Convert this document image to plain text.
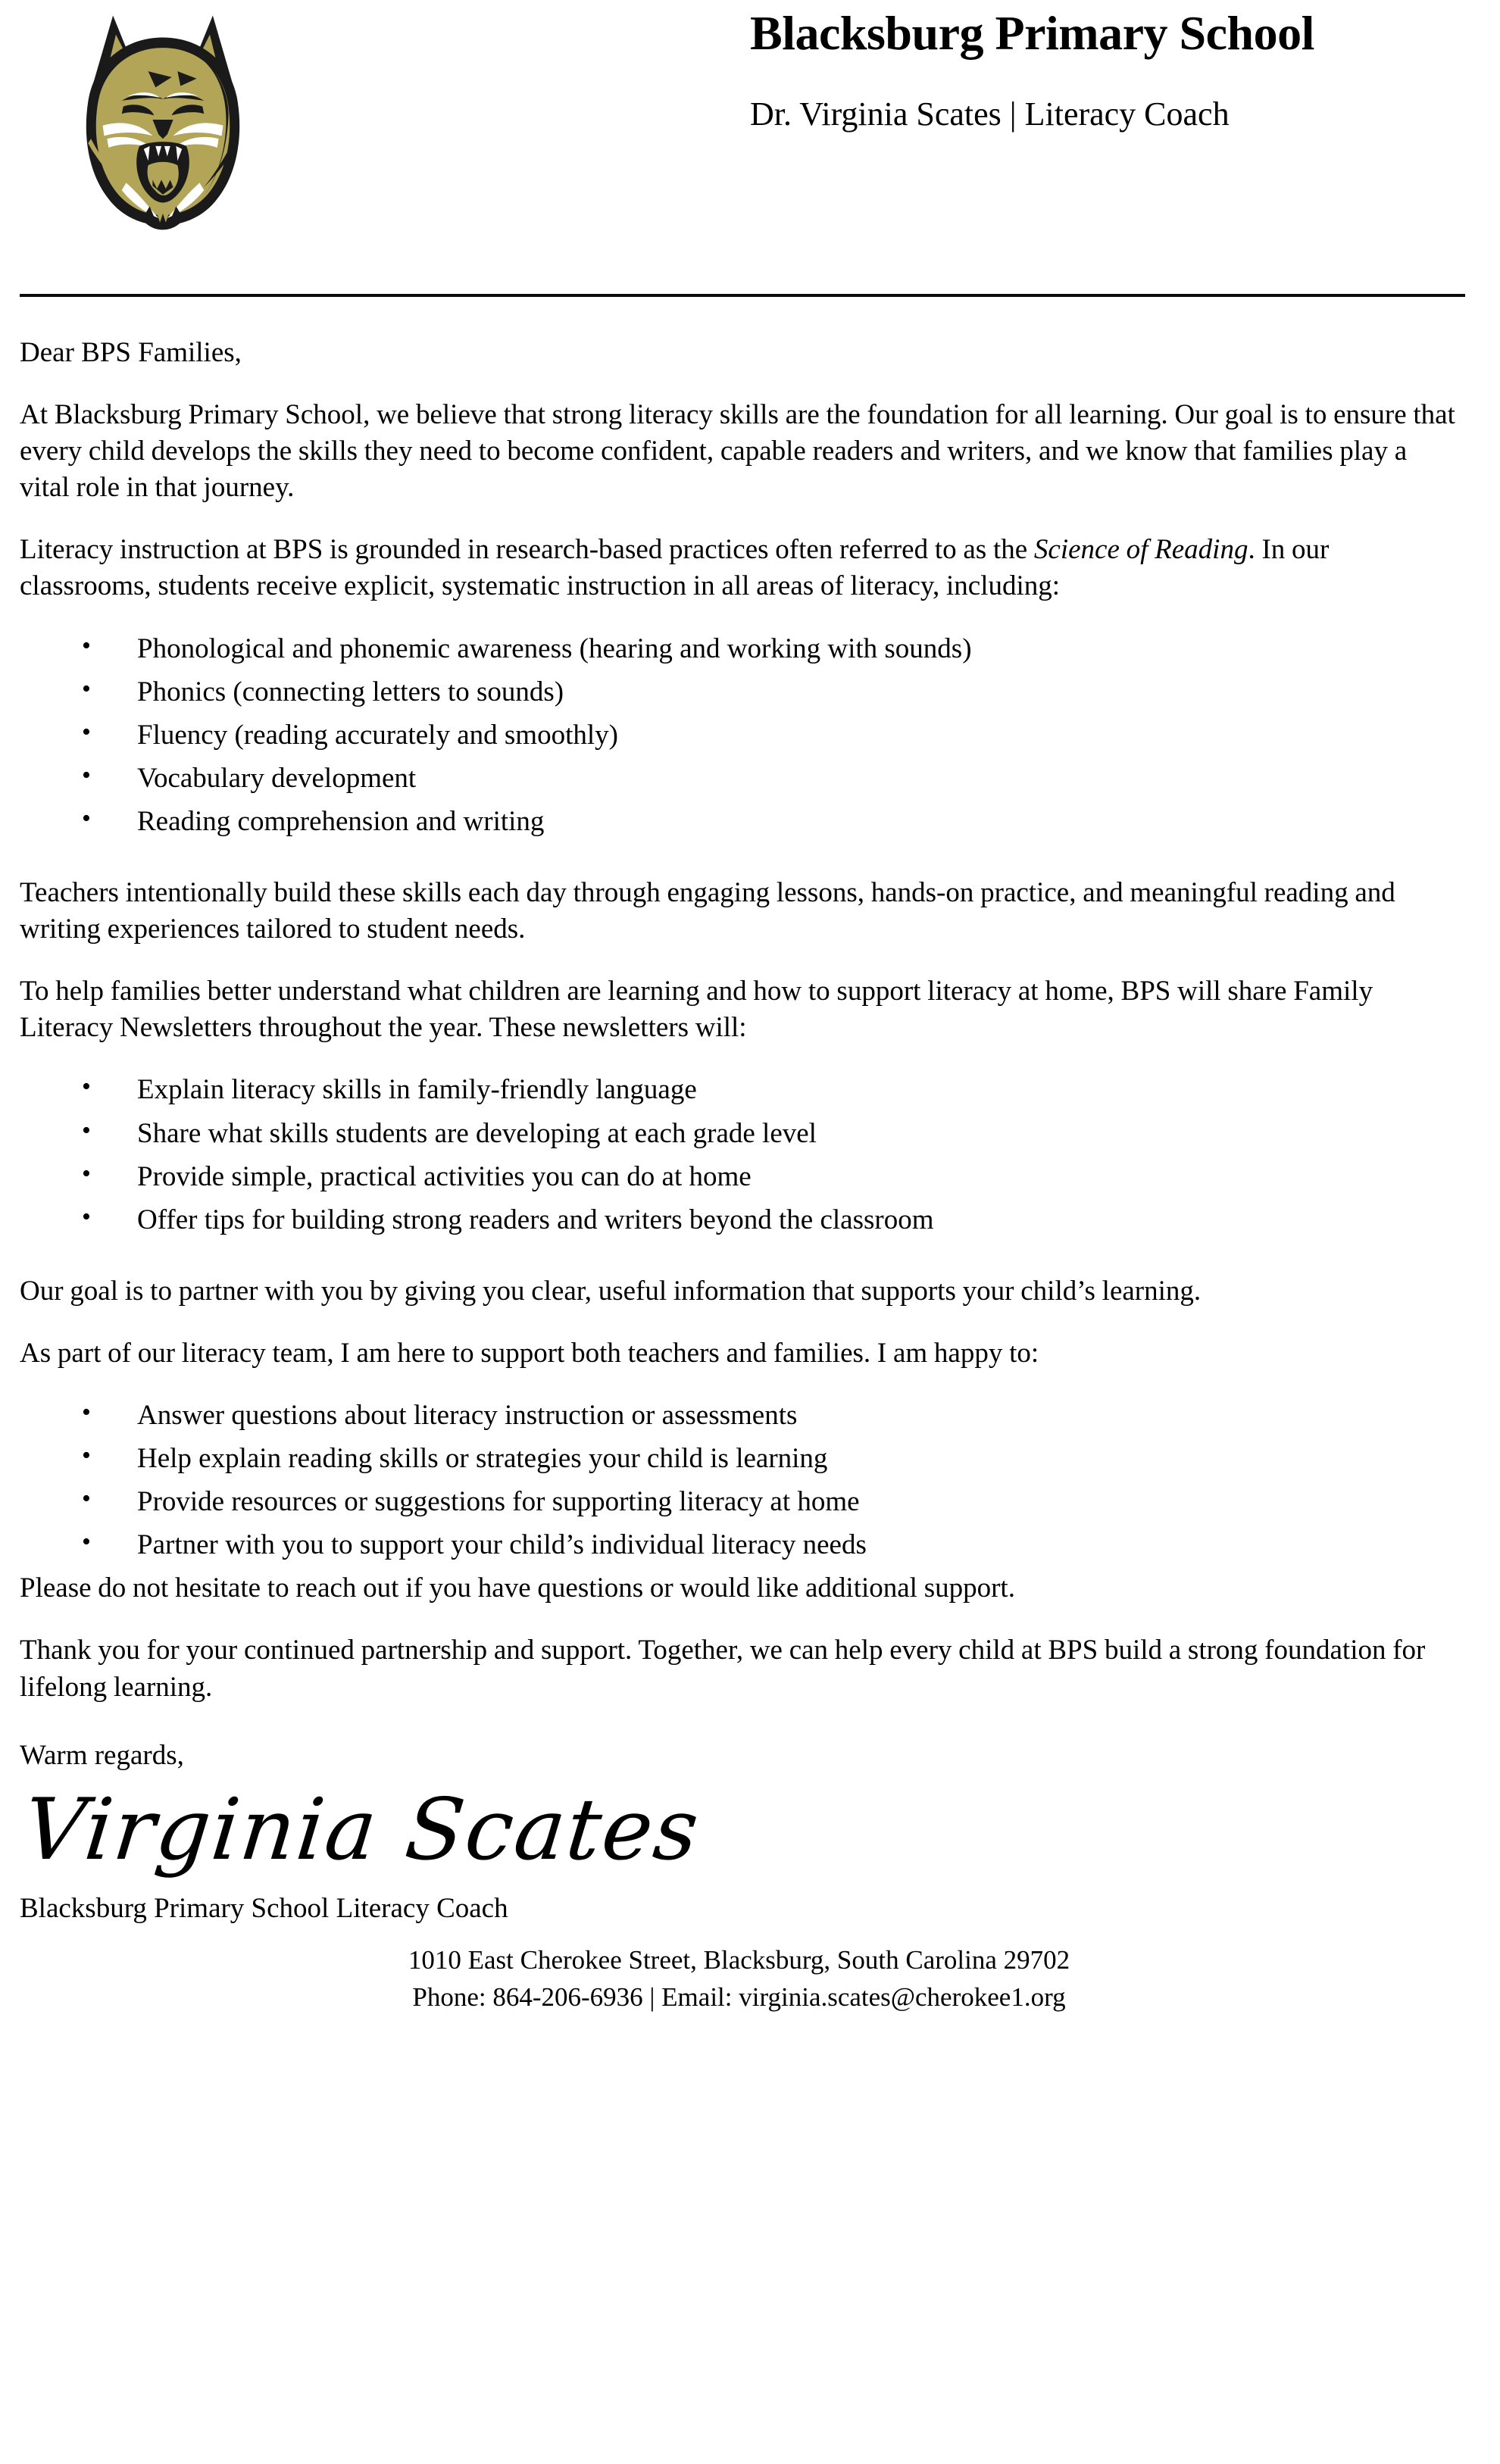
Blacksburg Primary School
Dr. Virginia Scates | Literacy Coach

Dear BPS Families,

At Blacksburg Primary School, we believe that strong literacy skills are the foundation for all learning. Our goal is to ensure that every child develops the skills they need to become confident, capable readers and writers, and we know that families play a vital role in that journey.

Literacy instruction at BPS is grounded in research-based practices often referred to as the Science of Reading. In our classrooms, students receive explicit, systematic instruction in all areas of literacy, including:

• Phonological and phonemic awareness (hearing and working with sounds)
• Phonics (connecting letters to sounds)
• Fluency (reading accurately and smoothly)
• Vocabulary development
• Reading comprehension and writing

Teachers intentionally build these skills each day through engaging lessons, hands-on practice, and meaningful reading and writing experiences tailored to student needs.

To help families better understand what children are learning and how to support literacy at home, BPS will share Family Literacy Newsletters throughout the year. These newsletters will:

• Explain literacy skills in family-friendly language
• Share what skills students are developing at each grade level
• Provide simple, practical activities you can do at home
• Offer tips for building strong readers and writers beyond the classroom

Our goal is to partner with you by giving you clear, useful information that supports your child’s learning.

As part of our literacy team, I am here to support both teachers and families. I am happy to:

• Answer questions about literacy instruction or assessments
• Help explain reading skills or strategies your child is learning
• Provide resources or suggestions for supporting literacy at home
• Partner with you to support your child’s individual literacy needs

Please do not hesitate to reach out if you have questions or would like additional support.

Thank you for your continued partnership and support. Together, we can help every child at BPS build a strong foundation for lifelong learning.

Warm regards,

Virginia Scates

Blacksburg Primary School Literacy Coach

1010 East Cherokee Street, Blacksburg, South Carolina 29702
Phone: 864-206-6936 | Email: virginia.scates@cherokee1.org
